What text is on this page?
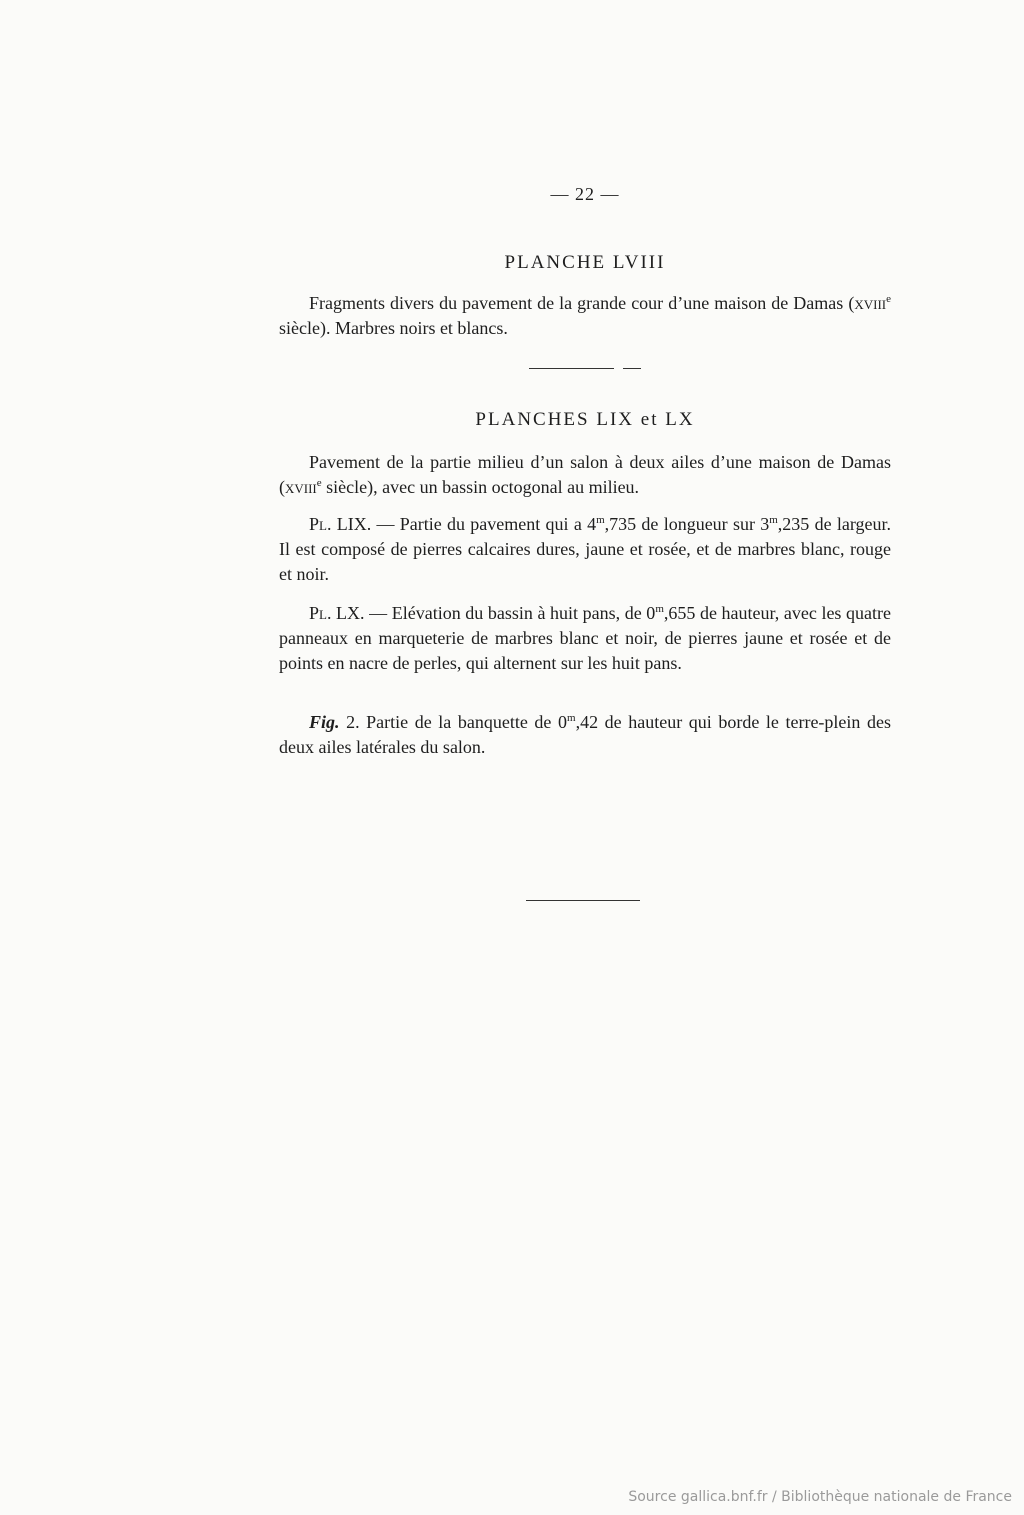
— 22 —
PLANCHE LVIII

Fragments divers du pavement de la grande cour d’une maison de Damas (xviii$^e$ siècle). Marbres noirs et blancs.

PLANCHES LIX et LX

Pavement de la partie milieu d’un salon à deux ailes d’une maison de Damas (xviii$^e$ siècle), avec un bassin octogonal au milieu.

Pl. LIX. — Partie du pavement qui a 4$^m$,735 de longueur sur 3$^m$,235 de largeur. Il est composé de pierres calcaires dures, jaune et rosée, et de marbres blanc, rouge et noir.

Pl. LX. — Elévation du bassin à huit pans, de 0$^m$,655 de hauteur, avec les quatre panneaux en marqueterie de marbres blanc et noir, de pierres jaune et rosée et de points en nacre de perles, qui alternent sur les huit pans.

Fig. 2. Partie de la banquette de 0$^m$,42 de hauteur qui borde le terre-plein des deux ailes latérales du salon.

Source gallica.bnf.fr / Bibliothèque nationale de France
